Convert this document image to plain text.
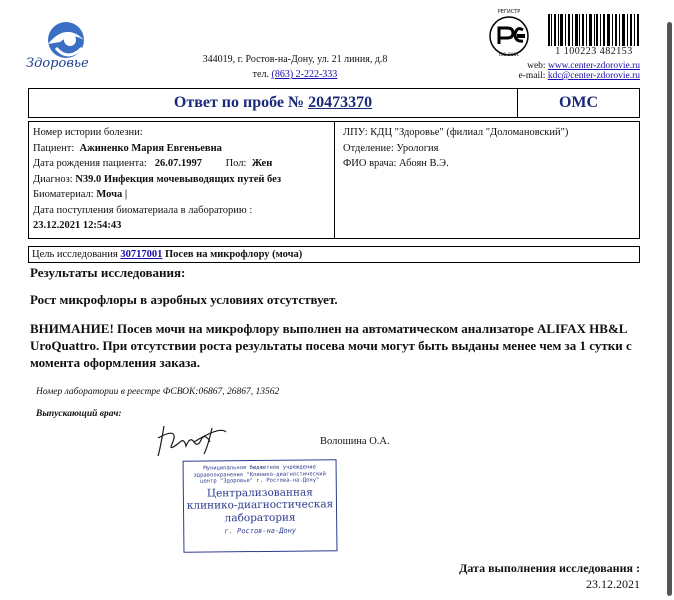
Здоровье	344019, г. Ростов-на-Дону, ул. 21 линия, д.8
тел. (863) 2-222-333
РЕГИСТР
ISO 9001	1 100223 482153
web: www.center-zdorovie.ru
e-mail: kdc@center-zdorovie.ru
Ответ по пробе №
20473370	ОМС
Номер истории болезни:
Пациент: Ажиненко Мария Евгеньевна
Дата рождения пациента: 26.07.1997 Пол: Жен
Диагноз: N39.0 Инфекция мочевыводящих путей без
Биоматериал: Моча |
Дата поступления биоматериала в лабораторию :
23.12.2021 12:54:43
ЛПУ: КДЦ "Здоровье" (филиал "Доломановский")
Отделение: Урология
ФИО врача: Абоян В.Э.
Цель исследования 30717001 Посев на микрофлору (моча)
Результаты исследования:
Рост микрофлоры в аэробных условиях отсутствует.
ВНИМАНИЕ! Посев мочи на микрофлору выполнен на автоматическом анализаторе ALIFAX HB&L UroQuattro. При отсутствии роста результаты посева мочи могут быть выданы менее чем за 1 сутки с момента оформления заказа.
Номер лаборатории в реестре ФСВОК:06867, 26867, 13562
Выпускающий врач:
Волошина О.А.
Муниципальное бюджетное учреждение здравоохранения "Клинико-диагностический центр "Здоровье" г. Ростова-на-Дону"
Централизованная клинико-диагностическая лаборатория
г. Ростов-на-Дону
Дата выполнения исследования :
23.12.2021
